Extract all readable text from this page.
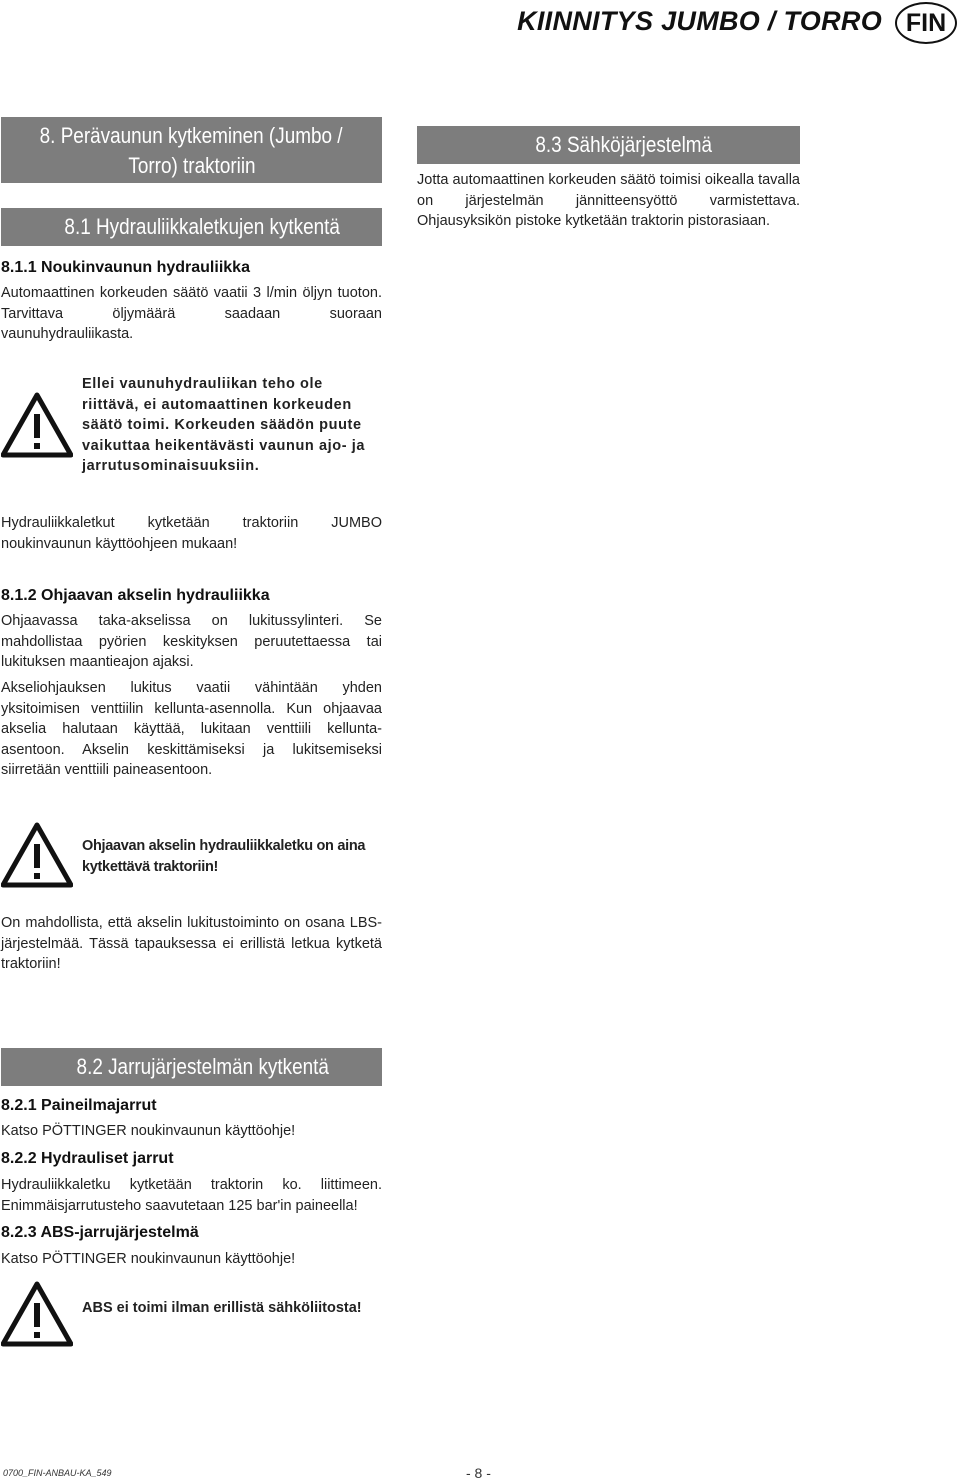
KIINNITYS JUMBO / TORRO FIN
8. Perävaunun kytkeminen (Jumbo /
Torro) traktoriin
8.1 Hydrauliikkaletkujen kytkentä
8.1.1 Noukinvaunun hydrauliikka
Automaattinen korkeuden säätö vaatii 3 l/min öljyn tuoton. Tarvittava öljymäärä saadaan suoraan vaunuhydrauliikasta.
Ellei vaunuhydrauliikan teho ole riittävä, ei automaattinen korkeuden säätö toimi. Korkeuden säädön puute vaikuttaa heikentävästi vaunun ajo- ja jarrutusominaisuuksiin.
Hydrauliikkaletkut kytketään traktoriin JUMBO noukinvaunun käyttöohjeen mukaan!
8.1.2 Ohjaavan akselin hydrauliikka
Ohjaavassa taka-akselissa on lukitussylinteri. Se mahdollistaa pyörien keskityksen peruutettaessa tai lukituksen maantieajon ajaksi.
Akseliohjauksen lukitus vaatii vähintään yhden yksitoimisen venttiilin kellunta-asennolla. Kun ohjaavaa akselia halutaan käyttää, lukitaan venttiili kellunta-asentoon. Akselin keskittämiseksi ja lukitsemiseksi siirretään venttiili paineasentoon.
Ohjaavan akselin hydrauliikkaletku on aina kytkettävä traktoriin!
On mahdollista, että akselin lukitustoiminto on osana LBS-järjestelmää. Tässä tapauksessa ei erillistä letkua kytketä traktoriin!
8.2 Jarrujärjestelmän kytkentä
8.2.1 Paineilmajarrut
Katso PÖTTINGER noukinvaunun käyttöohje!
8.2.2 Hydrauliset jarrut
Hydrauliikkaletku kytketään traktorin ko. liittimeen. Enimmäisjarrutusteho saavutetaan 125 bar'in paineella!
8.2.3 ABS-jarrujärjestelmä
Katso PÖTTINGER noukinvaunun käyttöohje!
ABS ei toimi ilman erillistä sähköliitosta!
8.3 Sähköjärjestelmä
Jotta automaattinen korkeuden säätö toimisi oikealla tavalla on järjestelmän jännitteensyöttö varmistettava. Ohjausyksikön pistoke kytketään traktorin pistorasiaan.
0700_FIN-ANBAU-KA_549	- 8 -
